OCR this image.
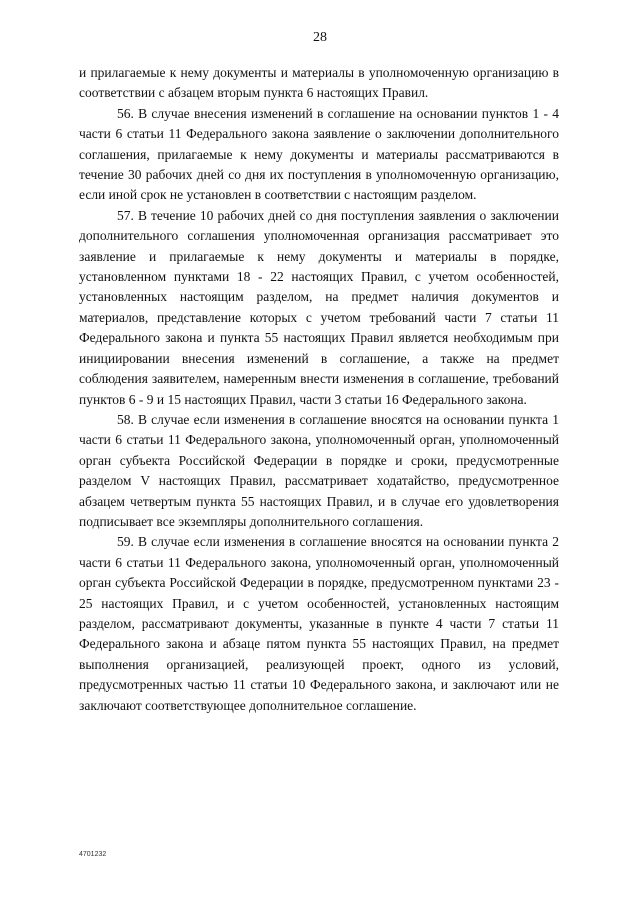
28

и прилагаемые к нему документы и материалы в уполномоченную организацию в соответствии с абзацем вторым пункта 6 настоящих Правил.

56. В случае внесения изменений в соглашение на основании пунктов 1 - 4 части 6 статьи 11 Федерального закона заявление о заключении дополнительного соглашения, прилагаемые к нему документы и материалы рассматриваются в течение 30 рабочих дней со дня их поступления в уполномоченную организацию, если иной срок не установлен в соответствии с настоящим разделом.

57. В течение 10 рабочих дней со дня поступления заявления о заключении дополнительного соглашения уполномоченная организация рассматривает это заявление и прилагаемые к нему документы и материалы в порядке, установленном пунктами 18 - 22 настоящих Правил, с учетом особенностей, установленных настоящим разделом, на предмет наличия документов и материалов, представление которых с учетом требований части 7 статьи 11 Федерального закона и пункта 55 настоящих Правил является необходимым при инициировании внесения изменений в соглашение, а также на предмет соблюдения заявителем, намеренным внести изменения в соглашение, требований пунктов 6 - 9 и 15 настоящих Правил, части 3 статьи 16 Федерального закона.

58. В случае если изменения в соглашение вносятся на основании пункта 1 части 6 статьи 11 Федерального закона, уполномоченный орган, уполномоченный орган субъекта Российской Федерации в порядке и сроки, предусмотренные разделом V настоящих Правил, рассматривает ходатайство, предусмотренное абзацем четвертым пункта 55 настоящих Правил, и в случае его удовлетворения подписывает все экземпляры дополнительного соглашения.

59. В случае если изменения в соглашение вносятся на основании пункта 2 части 6 статьи 11 Федерального закона, уполномоченный орган, уполномоченный орган субъекта Российской Федерации в порядке, предусмотренном пунктами 23 - 25 настоящих Правил, и с учетом особенностей, установленных настоящим разделом, рассматривают документы, указанные в пункте 4 части 7 статьи 11 Федерального закона и абзаце пятом пункта 55 настоящих Правил, на предмет выполнения организацией, реализующей проект, одного из условий, предусмотренных частью 11 статьи 10 Федерального закона, и заключают или не заключают соответствующее дополнительное соглашение.

4701232
